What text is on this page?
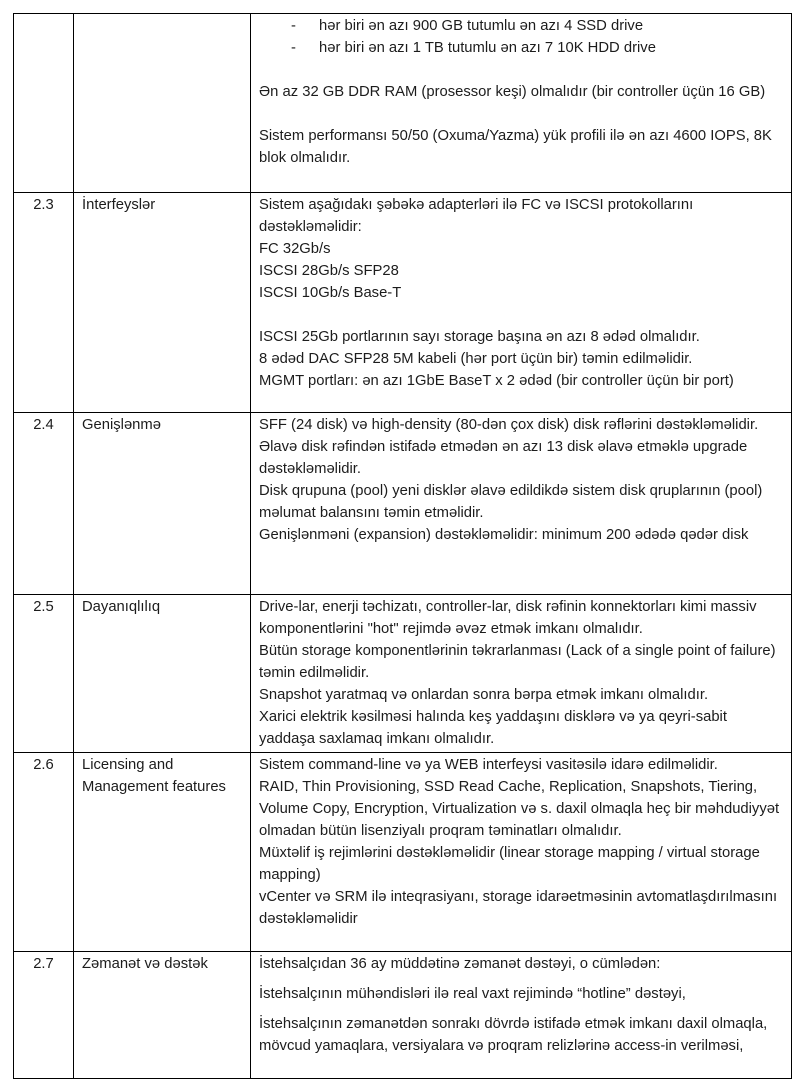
-	hər biri ən azı 900 GB tutumlu ən azı 4 SSD drive
-	hər biri ən azı 1 TB tutumlu ən azı 7 10K HDD drive

Ən az 32 GB DDR RAM (prosessor keşi) olmalıdır (bir controller üçün 16 GB)

Sistem performansı 50/50 (Oxuma/Yazma) yük profili ilə ən azı 4600 IOPS, 8K blok olmalıdır.

2.3	İnterfeyslər	Sistem aşağıdakı şəbəkə adapterləri ilə FC və ISCSI protokollarını dəstəkləməlidir:
FC 32Gb/s
ISCSI 28Gb/s SFP28
ISCSI 10Gb/s Base-T

ISCSI 25Gb portlarının sayı storage başına ən azı 8 ədəd olmalıdır.
8 ədəd DAC SFP28 5M kabeli (hər port üçün bir) təmin edilməlidir.
MGMT portları: ən azı 1GbE BaseT x 2 ədəd (bir controller üçün bir port)

2.4	Genişlənmə	SFF (24 disk) və high-density (80-dən çox disk) disk rəflərini dəstəkləməlidir.
Əlavə disk rəfindən istifadə etmədən ən azı 13 disk əlavə etməklə upgrade dəstəkləməlidir.
Disk qrupuna (pool) yeni disklər əlavə edildikdə sistem disk qruplarının (pool) məlumat balansını təmin etməlidir.
Genişlənməni (expansion) dəstəkləməlidir: minimum 200 ədədə qədər disk

2.5	Dayanıqlılıq	Drive-lar, enerji təchizatı, controller-lar, disk rəfinin konnektorları kimi massiv komponentlərini "hot" rejimdə əvəz etmək imkanı olmalıdır.
Bütün storage komponentlərinin təkrarlanması (Lack of a single point of failure) təmin edilməlidir.
Snapshot yaratmaq və onlardan sonra bərpa etmək imkanı olmalıdır.
Xarici elektrik kəsilməsi halında keş yaddaşını disklərə və ya qeyri-sabit yaddaşa saxlamaq imkanı olmalıdır.

2.6	Licensing and Management features	Sistem command-line və ya WEB interfeysi vasitəsilə idarə edilməlidir.
RAID, Thin Provisioning, SSD Read Cache, Replication, Snapshots, Tiering, Volume Copy, Encryption, Virtualization və s. daxil olmaqla heç bir məhdudiyyət olmadan bütün lisenziyalı proqram təminatları olmalıdır.
Müxtəlif iş rejimlərini dəstəkləməlidir (linear storage mapping / virtual storage mapping)
vCenter və SRM ilə inteqrasiyanı, storage idarəetməsinin avtomatlaşdırılmasını dəstəkləməlidir

2.7	Zəmanət və dəstək	İstehsalçıdan 36 ay müddətinə zəmanət dəstəyi, o cümlədən:
İstehsalçının mühəndisləri ilə real vaxt rejimində “hotline” dəstəyi,
İstehsalçının zəmanətdən sonrakı dövrdə istifadə etmək imkanı daxil olmaqla, mövcud yamaqlara, versiyalara və proqram relizlərinə access-in verilməsi,
